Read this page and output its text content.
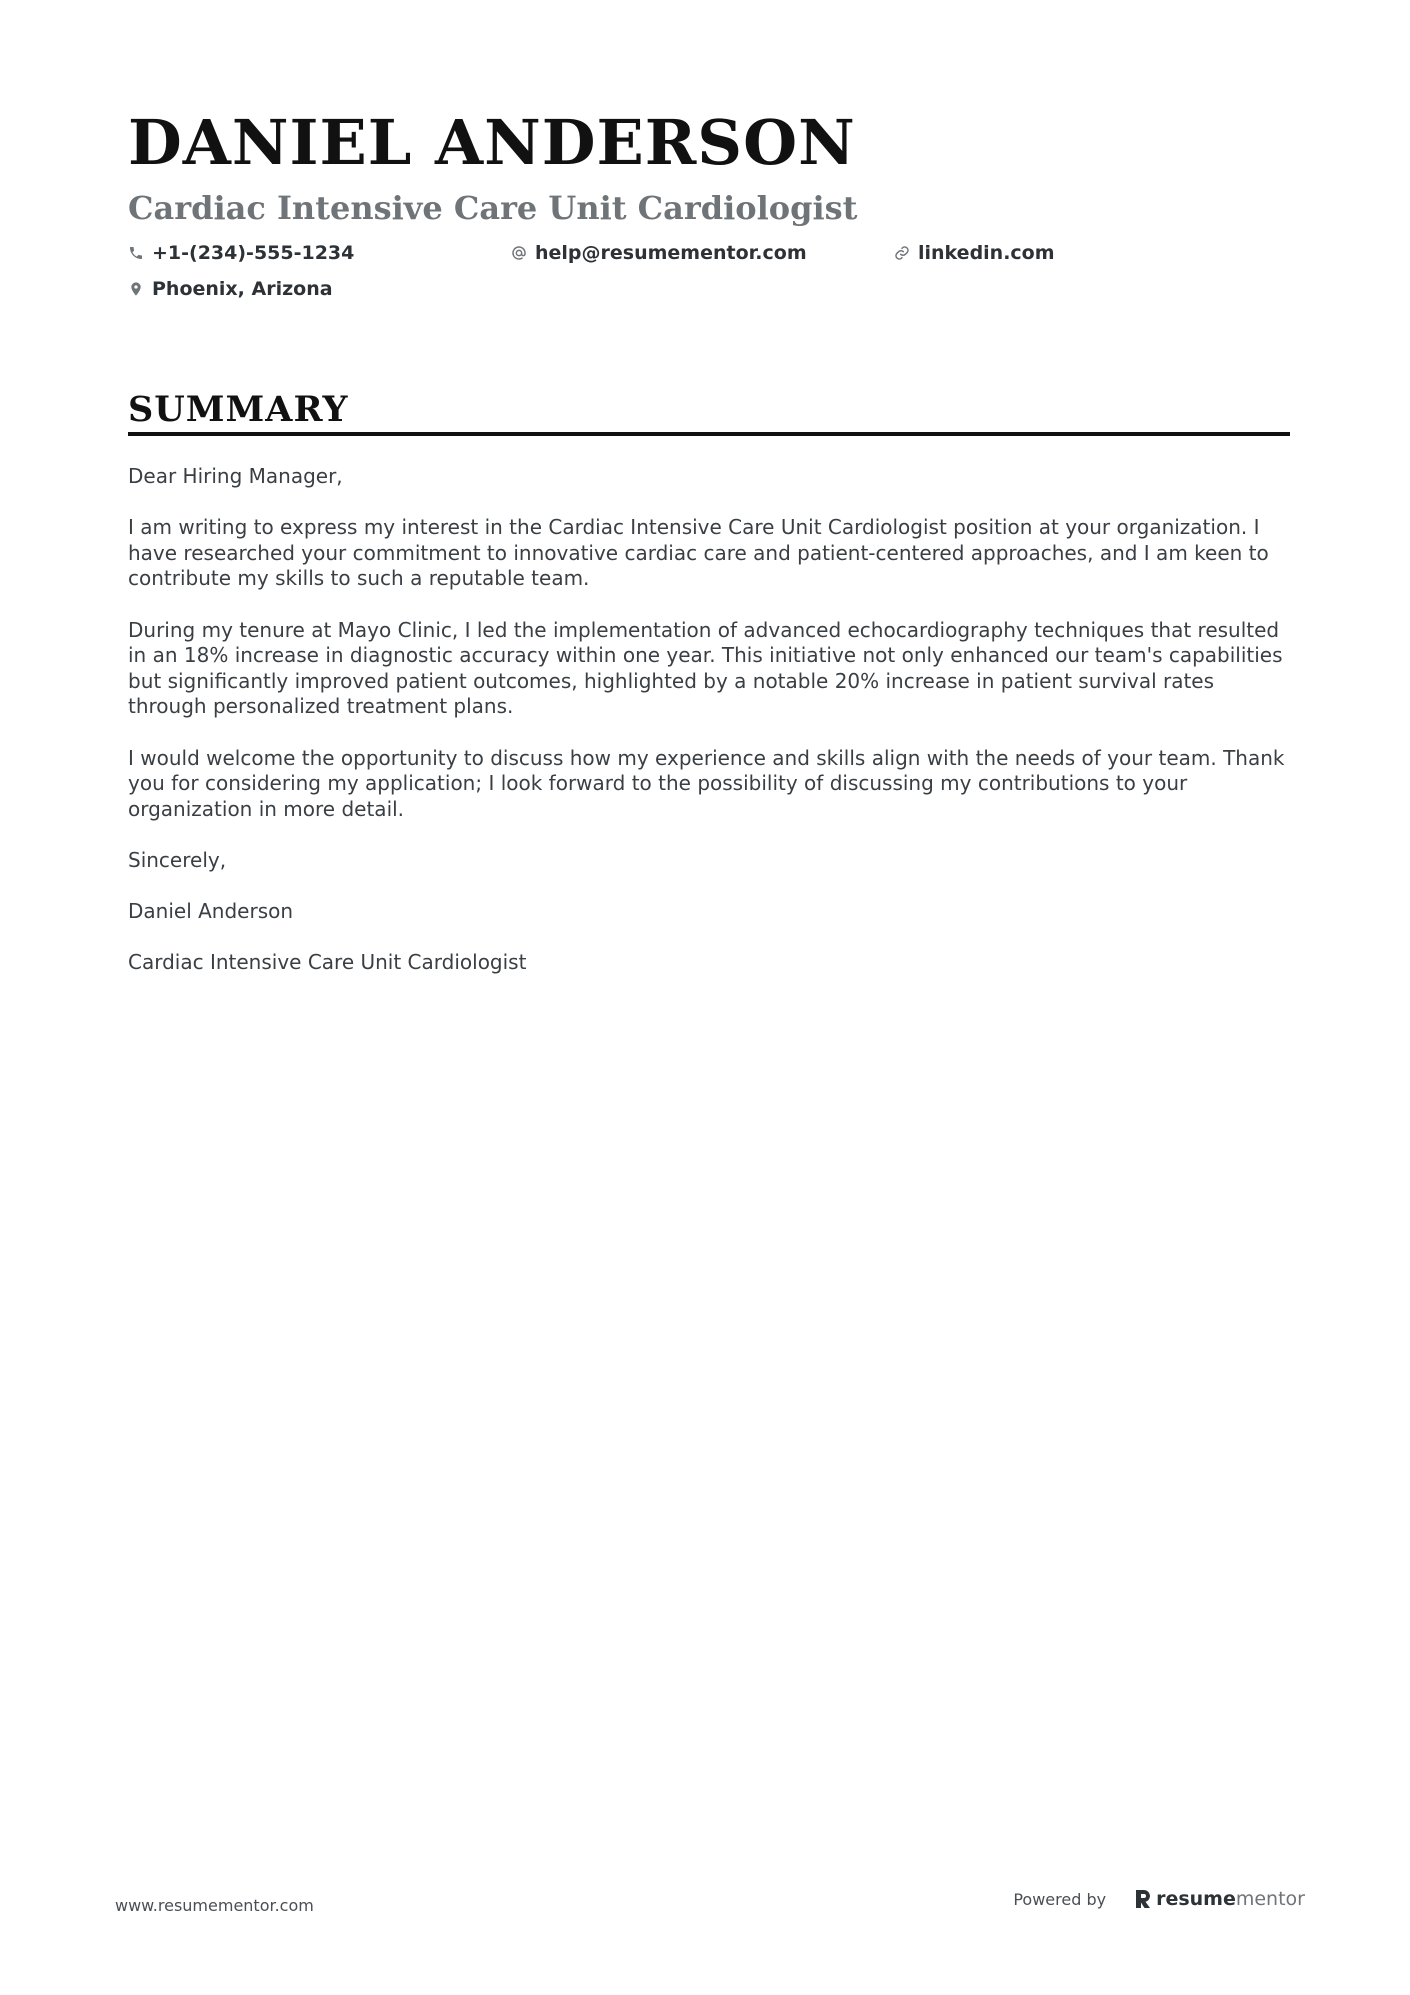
DANIEL ANDERSON
Cardiac Intensive Care Unit Cardiologist
+1-(234)-555-1234	help@resumementor.com	linkedin.com
Phoenix, Arizona
SUMMARY

Dear Hiring Manager,

I am writing to express my interest in the Cardiac Intensive Care Unit Cardiologist position at your organization. I have researched your commitment to innovative cardiac care and patient-centered approaches, and I am keen to contribute my skills to such a reputable team.

During my tenure at Mayo Clinic, I led the implementation of advanced echocardiography techniques that resulted in an 18% increase in diagnostic accuracy within one year. This initiative not only enhanced our team's capabilities but significantly improved patient outcomes, highlighted by a notable 20% increase in patient survival rates through personalized treatment plans.

I would welcome the opportunity to discuss how my experience and skills align with the needs of your team. Thank you for considering my application; I look forward to the possibility of discussing my contributions to your organization in more detail.

Sincerely,

Daniel Anderson

Cardiac Intensive Care Unit Cardiologist

www.resumementor.com	Powered by	resume mentor
